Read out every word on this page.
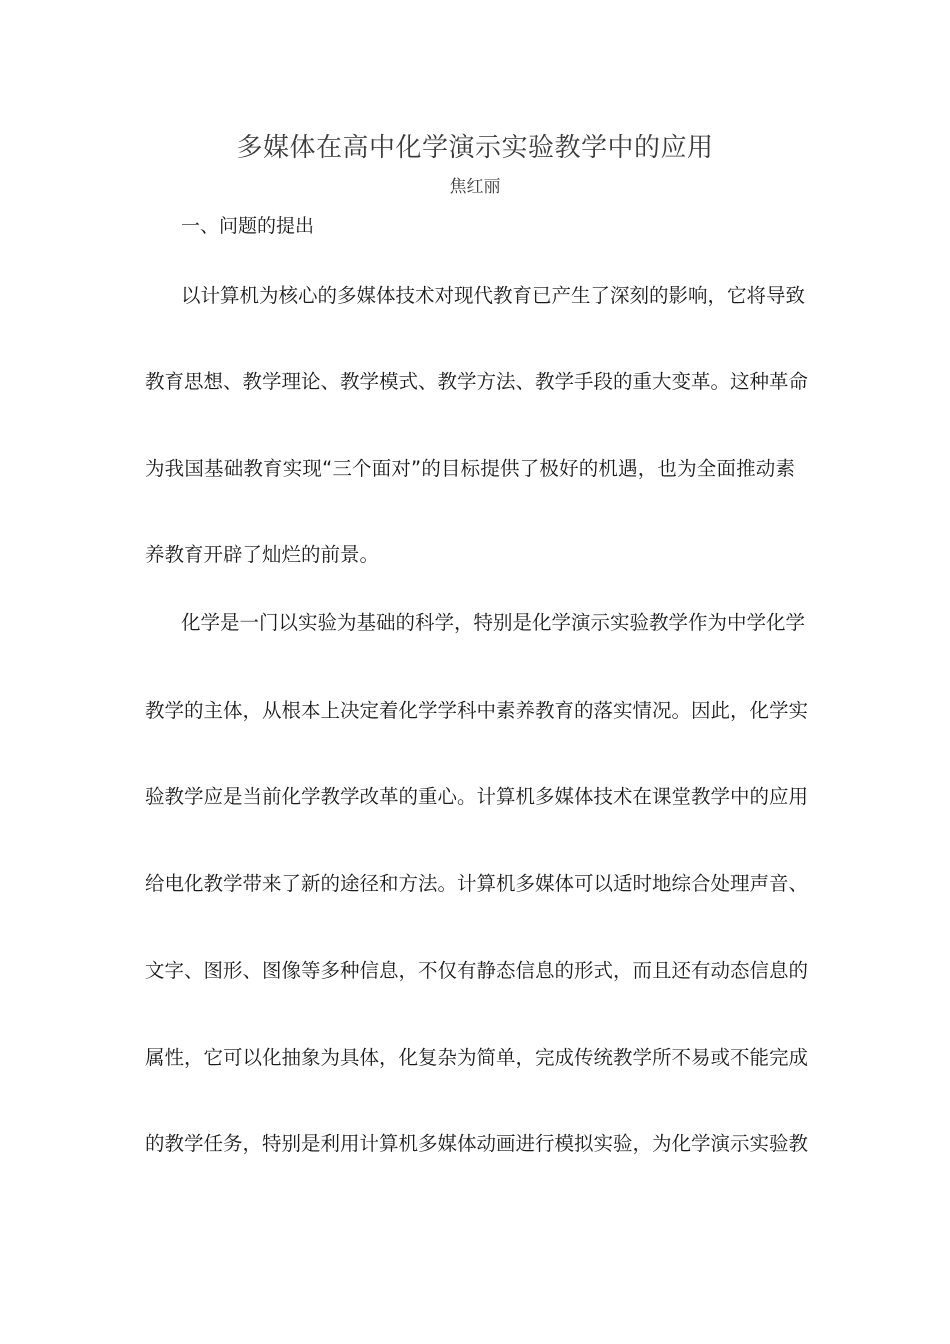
多媒体在高中化学演示实验教学中的应用
焦红丽
一、问题的提出
以计算机为核心的多媒体技术对现代教育已产生了深刻的影响，它将导致
教育思想、教学理论、教学模式、教学方法、教学手段的重大变革。这种革命
为我国基础教育实现“三个面对”的目标提供了极好的机遇，也为全面推动素
养教育开辟了灿烂的前景。
化学是一门以实验为基础的科学，特别是化学演示实验教学作为中学化学
教学的主体，从根本上决定着化学学科中素养教育的落实情况。因此，化学实
验教学应是当前化学教学改革的重心。计算机多媒体技术在课堂教学中的应用
给电化教学带来了新的途径和方法。计算机多媒体可以适时地综合处理声音、
文字、图形、图像等多种信息，不仅有静态信息的形式，而且还有动态信息的
属性，它可以化抽象为具体，化复杂为简单，完成传统教学所不易或不能完成
的教学任务，特别是利用计算机多媒体动画进行模拟实验，为化学演示实验教
